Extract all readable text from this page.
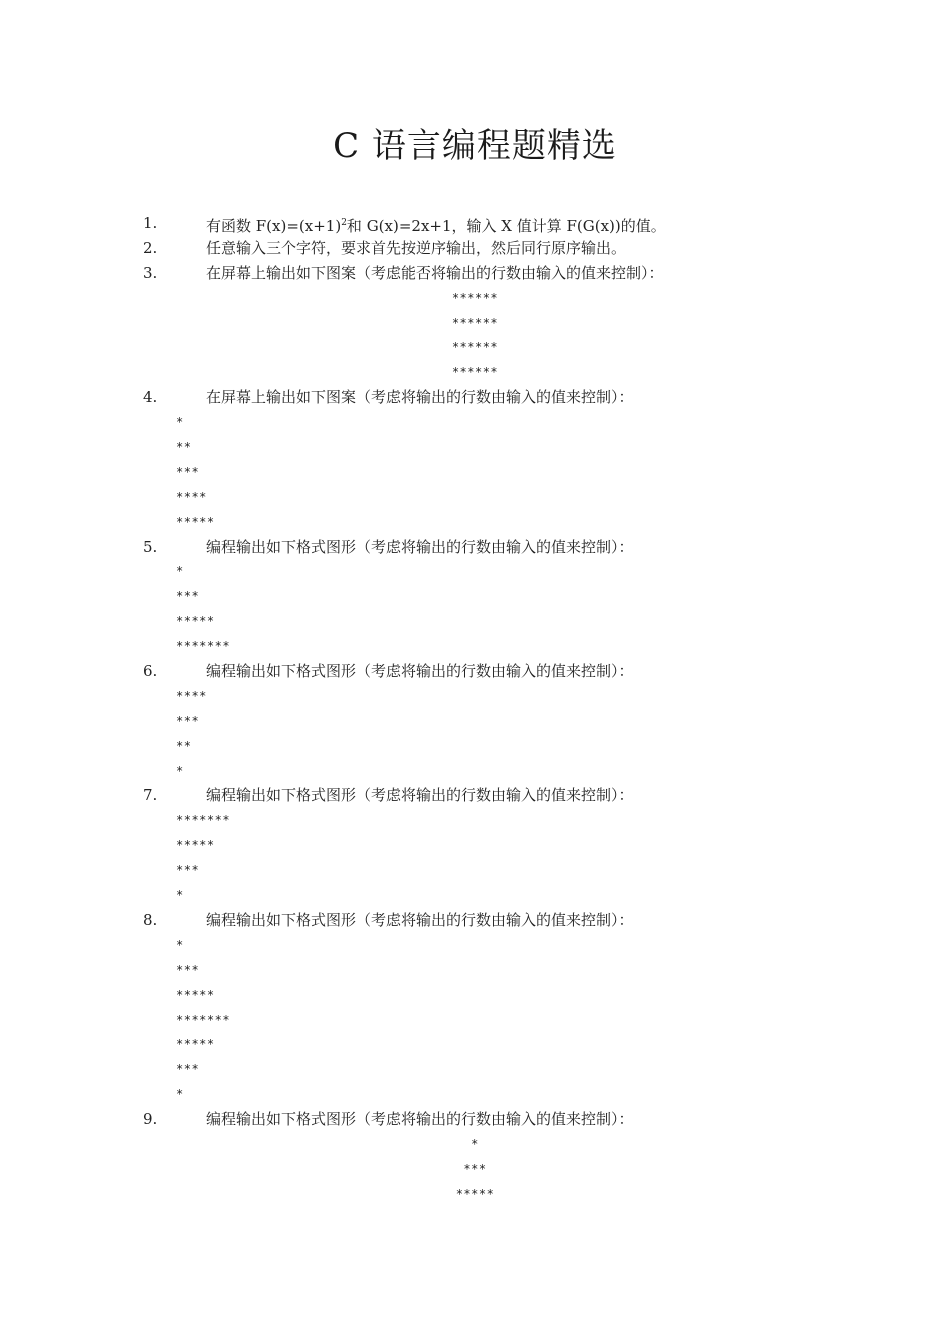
C 语言编程题精选
1.	有函数 $F(x)=(x+1)^2$和 G(x)=2x+1，输入 X 值计算 F(G(x))的值。
2.	任意输入三个字符，要求首先按逆序输出，然后同行原序输出。
3.	在屏幕上输出如下图案（考虑能否将输出的行数由输入的值来控制）：
******
******
******
******
4.	在屏幕上输出如下图案（考虑将输出的行数由输入的值来控制）：
*
**
***
****
*****
5.	编程输出如下格式图形（考虑将输出的行数由输入的值来控制）：
*
***
*****
*******
6.	编程输出如下格式图形（考虑将输出的行数由输入的值来控制）：
****
***
**
*
7.	编程输出如下格式图形（考虑将输出的行数由输入的值来控制）：
*******
*****
***
*
8.	编程输出如下格式图形（考虑将输出的行数由输入的值来控制）：
*
***
*****
*******
*****
***
*
9.	编程输出如下格式图形（考虑将输出的行数由输入的值来控制）：
*
***
*****
